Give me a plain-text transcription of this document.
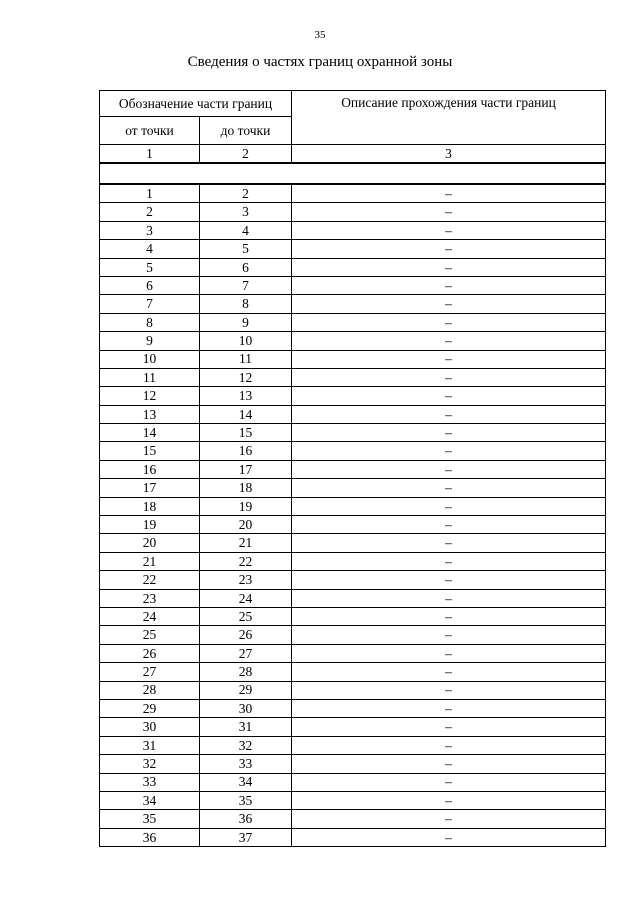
35
Сведения о частях границ охранной зоны
Обозначение части границ		Описание прохождения части границ
от точки	до точки	
1	2	3

1	2	–
2	3	–
3	4	–
4	5	–
5	6	–
6	7	–
7	8	–
8	9	–
9	10	–
10	11	–
11	12	–
12	13	–
13	14	–
14	15	–
15	16	–
16	17	–
17	18	–
18	19	–
19	20	–
20	21	–
21	22	–
22	23	–
23	24	–
24	25	–
25	26	–
26	27	–
27	28	–
28	29	–
29	30	–
30	31	–
31	32	–
32	33	–
33	34	–
34	35	–
35	36	–
36	37	–
